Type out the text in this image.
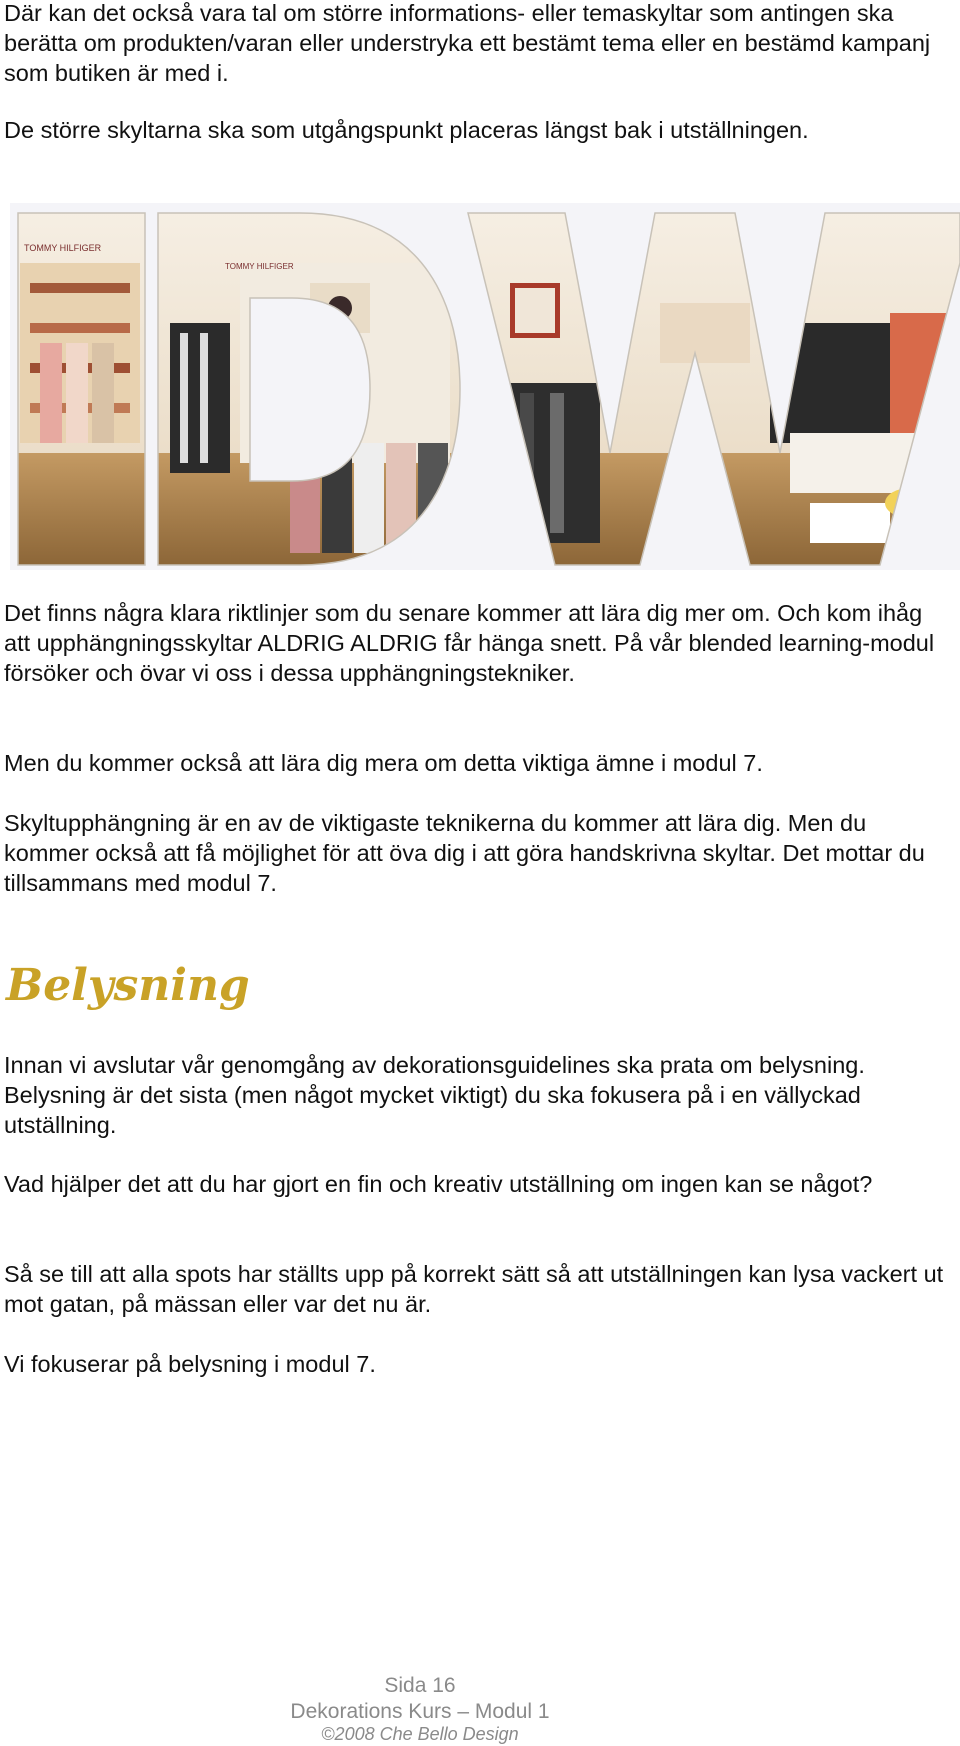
Där kan det också vara tal om större informations- eller temaskyltar som antingen ska berätta om produkten/varan eller understryka ett bestämt tema eller en bestämd kampanj som butiken är med i.

De större skyltarna ska som utgångspunkt placeras längst bak i utställningen.

TOMMY HILFIGER
TOMMY HILFIGER

Det finns några klara riktlinjer som du senare kommer att lära dig mer om. Och kom ihåg att upphängningsskyltar ALDRIG ALDRIG får hänga snett. På vår blended learning-modul försöker och övar vi oss i dessa upphängningstekniker.

Men du kommer också att lära dig mera om detta viktiga ämne i modul 7.

Skyltupphängning är en av de viktigaste teknikerna du kommer att lära dig. Men du kommer också att få möjlighet för att öva dig i att göra handskrivna skyltar. Det mottar du tillsammans med modul 7.

Belysning

Innan vi avslutar vår genomgång av dekorationsguidelines ska prata om belysning. Belysning är det sista (men något mycket viktigt) du ska fokusera på i en vällyckad utställning.

Vad hjälper det att du har gjort en fin och kreativ utställning om ingen kan se något?

Så se till att alla spots har ställts upp på korrekt sätt så att utställningen kan lysa vackert ut mot gatan, på mässan eller var det nu är.

Vi fokuserar på belysning i modul 7.

Sida 16

Dekorations Kurs – Modul 1

©2008 Che Bello Design
